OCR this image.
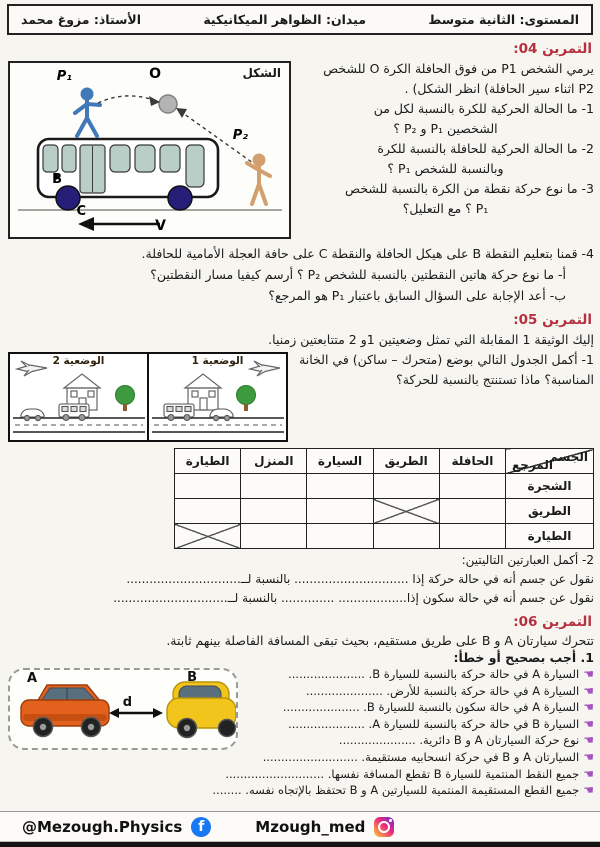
المستوى: الثانية متوسط
ميدان: الظواهر الميكانيكية
الأستاذ: مزوغ محمد
التمرين 04:
الشكل
B
C
P₁	O
P₂
V
يرمي الشخص P1 من فوق الحافلة الكرة O للشخص
P2 اثناء سير الحافلة) انظر الشكل) .
1- ما الحالة الحركية للكرة بالنسبة لكل من
الشخصين P₁ و P₂ ؟
2- ما الحالة الحركية للحافلة بالنسبة للكرة
وبالنسبة للشخص P₁ ؟
3- ما نوع حركة نقطة من الكرة بالنسبة للشخص
P₁ ؟ مع التعليل؟
4- قمنا بتعليم النقطة B على هيكل الحافلة والنقطة C على حافة العجلة الأمامية للحافلة.
أ- ما نوع حركة هاتين النقطتين بالنسبة للشخص P₂ ؟ أرسم كيفيا مسار النقطتين؟
ب- أعد الإجابة على السؤال السابق باعتبار P₁ هو المرجع؟
التمرين 05:
إليك الوثيقة 1 المقابلة التي تمثل وضعيتين 1و 2 متتابعتين زمنيا.
الوضعية 1
الوضعية 2	1- أكمل الجدول التالي بوضع (متحرك – ساكن) في الخانة
المناسبة؟ ماذا تستنتج بالنسبة للحركة؟
الجسم
المرجع	الحافلة	الطريق	السيارة	المنزل	الطيارة
الشجرة					
الطريق					
الطيارة					
2- أكمل العبارتين التاليتين:
نقول عن جسم أنه في حالة حركة إذا .............................. بالنسبة لــ..............................
نقول عن جسم أنه في حالة سكون إذا.................. .............. بالنسبة لــ..............................
التمرين 06:
تتحرك سيارتان A و B على طريق مستقيم، بحيث تبقى المسافة الفاصلة بينهم ثابتة.
1. أجب بصحيح أو خطأ:
A
d
B	☚السيارة A في حالة حركة بالنسبة للسيارة B. .....................
☚السيارة A في حالة حركة بالنسبة للأرض. .....................
☚السيارة A في حالة سكون بالنسبة للسيارة B. .....................
☚السيارة B في حالة حركة بالنسبة للسيارة A. .....................
☚نوع حركة السيارتان A و B دائرية. .....................
☚السيارتان A و B في حركة انسحابيه مستقيمة. ..........................
☚جميع النقط المنتمية للسيارة B تقطع المسافة نفسها. ...........................
☚جميع القطع المستقيمة المنتمية للسيارتين A و B تحتفظ بالإتجاه نفسه. ........
@Mezough.Physics	f	Mzough_med
